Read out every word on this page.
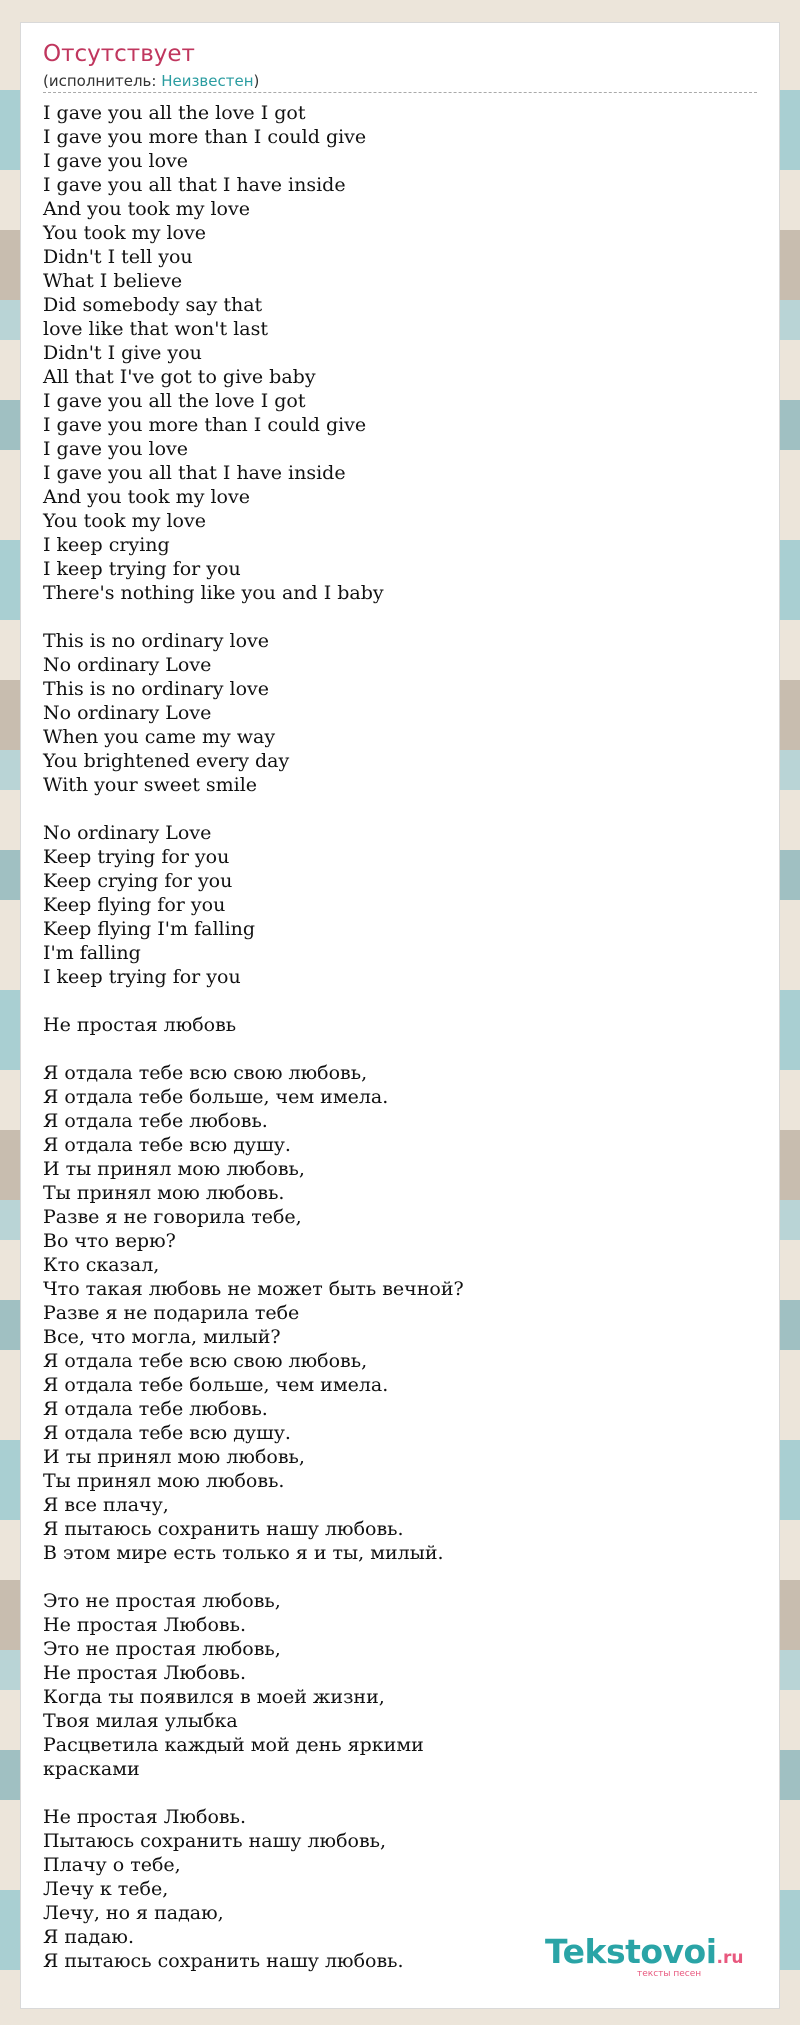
Отсутствует
(исполнитель: Неизвестен)
I gave you all the love I got
I gave you more than I could give
I gave you love
I gave you all that I have inside
And you took my love
You took my love
Didn't I tell you
What I believe
Did somebody say that
love like that won't last
Didn't I give you
All that I've got to give baby
I gave you all the love I got
I gave you more than I could give
I gave you love
I gave you all that I have inside
And you took my love
You took my love
I keep crying
I keep trying for you
There's nothing like you and I baby
This is no ordinary love
No ordinary Love
This is no ordinary love
No ordinary Love
When you came my way
You brightened every day
With your sweet smile
No ordinary Love
Keep trying for you
Keep crying for you
Keep flying for you
Keep flying I'm falling
I'm falling
I keep trying for you
Не простая любовь
Я отдала тебе всю свою любовь,
Я отдала тебе больше, чем имела.
Я отдала тебе любовь.
Я отдала тебе всю душу.
И ты принял мою любовь,
Ты принял мою любовь.
Разве я не говорила тебе,
Во что верю?
Кто сказал,
Что такая любовь не может быть вечной?
Разве я не подарила тебе
Все, что могла, милый?
Я отдала тебе всю свою любовь,
Я отдала тебе больше, чем имела.
Я отдала тебе любовь.
Я отдала тебе всю душу.
И ты принял мою любовь,
Ты принял мою любовь.
Я все плачу,
Я пытаюсь сохранить нашу любовь.
В этом мире есть только я и ты, милый.
Это не простая любовь,
Не простая Любовь.
Это не простая любовь,
Не простая Любовь.
Когда ты появился в моей жизни,
Твоя милая улыбка
Расцветила каждый мой день яркими
красками
Не простая Любовь.
Пытаюсь сохранить нашу любовь,
Плачу о тебе,
Лечу к тебе,
Лечу, но я падаю,
Я падаю.
Я пытаюсь сохранить нашу любовь.	Tekstovoi.ru
тексты песен
